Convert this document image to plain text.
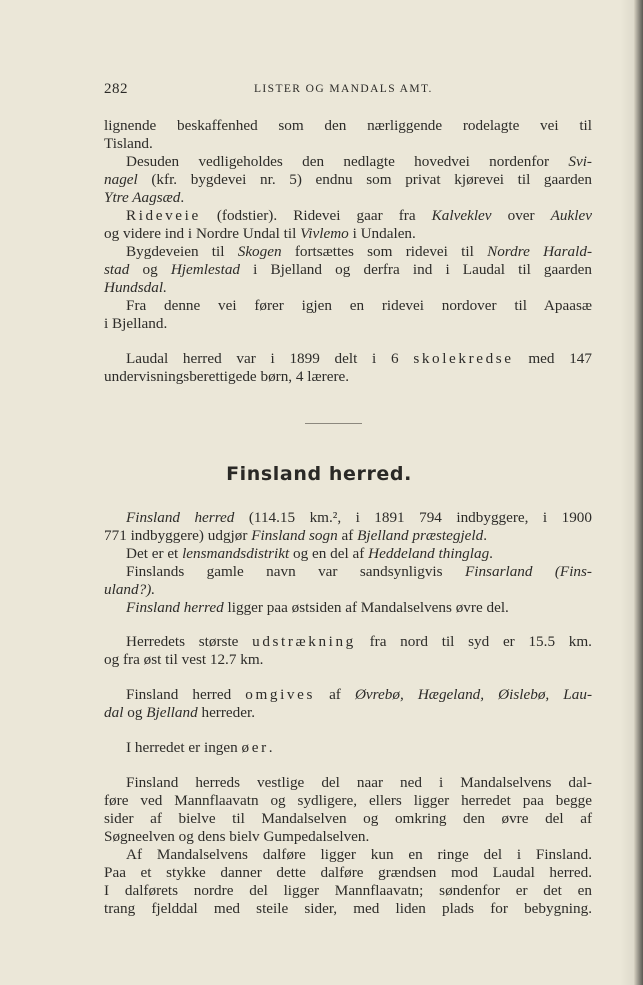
282	LISTER OG MANDALS AMT.

lignende beskaffenhed som den nærliggende rodelagte vei til

Tisland.

Desuden vedligeholdes den nedlagte hovedvei nordenfor Svi-

nagel (kfr. bygdevei nr. 5) endnu som privat kjørevei til gaarden

Ytre Aagsæd.

Rideveie (fodstier). Ridevei gaar fra Kalveklev over Auklev

og videre ind i Nordre Undal til Vivlemo i Undalen.

Bygdeveien til Skogen fortsættes som ridevei til Nordre Harald-

stad og Hjemlestad i Bjelland og derfra ind i Laudal til gaarden

Hundsdal.

Fra denne vei fører igjen en ridevei nordover til Apaasæ

i Bjelland.

Laudal herred var i 1899 delt i 6 skolekredse med 147

undervisningsberettigede børn, 4 lærere.

Finsland herred.

Finsland herred (114.15 km.², i 1891 794 indbyggere, i 1900

771 indbyggere) udgjør Finsland sogn af Bjelland præstegjeld.

Det er et lensmandsdistrikt og en del af Heddeland thinglag.

Finslands gamle navn var sandsynligvis Finsarland (Fins-

uland?).

Finsland herred ligger paa østsiden af Mandalselvens øvre del.

Herredets største udstrækning fra nord til syd er 15.5 km.

og fra øst til vest 12.7 km.

Finsland herred omgives af Øvrebø, Hægeland, Øislebø, Lau-

dal og Bjelland herreder.

I herredet er ingen øer.

Finsland herreds vestlige del naar ned i Mandalselvens dal-

føre ved Mannflaavatn og sydligere, ellers ligger herredet paa begge

sider af bielve til Mandalselven og omkring den øvre del af

Søgneelven og dens bielv Gumpedalselven.

Af Mandalselvens dalføre ligger kun en ringe del i Finsland.

Paa et stykke danner dette dalføre grændsen mod Laudal herred.

I dalførets nordre del ligger Mannflaavatn; søndenfor er det en

trang fjelddal med steile sider, med liden plads for bebygning.
